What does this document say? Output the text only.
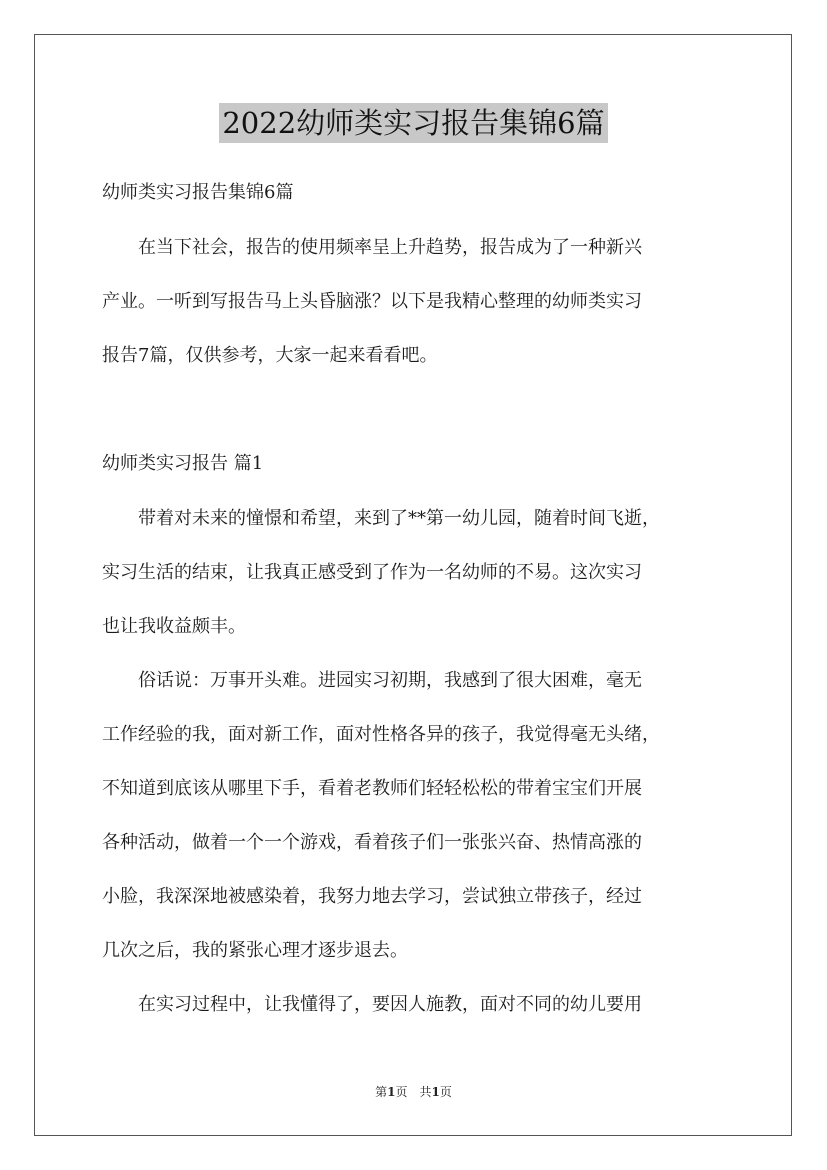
2022幼师类实习报告集锦6篇

幼师类实习报告集锦6篇

　　在当下社会，报告的使用频率呈上升趋势，报告成为了一种新兴
产业。一听到写报告马上头昏脑涨？以下是我精心整理的幼师类实习
报告7篇，仅供参考，大家一起来看看吧。

幼师类实习报告 篇1

　　带着对未来的憧憬和希望，来到了**第一幼儿园，随着时间飞逝，
实习生活的结束，让我真正感受到了作为一名幼师的不易。这次实习
也让我收益颇丰。
　　俗话说：万事开头难。进园实习初期，我感到了很大困难，毫无
工作经验的我，面对新工作，面对性格各异的孩子，我觉得毫无头绪，
不知道到底该从哪里下手，看着老教师们轻轻松松的带着宝宝们开展
各种活动，做着一个一个游戏，看着孩子们一张张兴奋、热情高涨的
小脸，我深深地被感染着，我努力地去学习，尝试独立带孩子，经过
几次之后，我的紧张心理才逐步退去。
　　在实习过程中，让我懂得了，要因人施教，面对不同的幼儿要用
第1页　共1页
